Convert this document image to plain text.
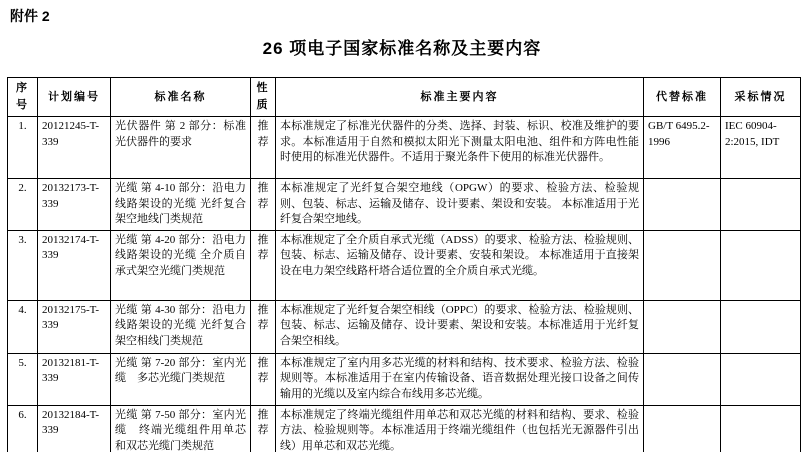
附件 2
26 项电子国家标准名称及主要内容
序号	计划编号	标准名称	性质	标准主要内容	代替标准	采标情况
1.	20121245-T-339	光伏器件 第 2 部分：标准光伏器件的要求	推荐	本标准规定了标准光伏器件的分类、选择、封装、标识、校准及维护的要求。本标准适用于自然和模拟太阳光下测量太阳电池、组件和方阵电性能时使用的标准光伏器件。不适用于聚光条件下使用的标准光伏器件。	GB/T 6495.2-1996	IEC 60904-2:2015, IDT
2.	20132173-T-339	光缆 第 4-10 部分：沿电力线路架设的光缆 光纤复合架空地线门类规范	推荐	本标准规定了光纤复合架空地线（OPGW）的要求、检验方法、检验规则、包装、标志、运输及储存、设计要素、架设和安装。 本标准适用于光纤复合架空地线。		
3.	20132174-T-339	光缆 第 4-20 部分：沿电力线路架设的光缆 全介质自承式架空光缆门类规范	推荐	本标准规定了全介质自承式光缆（ADSS）的要求、检验方法、检验规则、包装、标志、运输及储存、设计要素、安装和架设。 本标准适用于直接架设在电力架空线路杆塔合适位置的全介质自承式光缆。		
4.	20132175-T-339	光缆 第 4-30 部分：沿电力线路架设的光缆 光纤复合架空相线门类规范	推荐	本标准规定了光纤复合架空相线（OPPC）的要求、检验方法、检验规则、包装、标志、运输及储存、设计要素、架设和安装。本标准适用于光纤复合架空相线。		
5.	20132181-T-339	光缆 第 7-20 部分：室内光缆　多芯光缆门类规范	推荐	本标准规定了室内用多芯光缆的材料和结构、技术要求、检验方法、检验规则等。本标准适用于在室内传输设备、语音数据处理光接口设备之间传输用的光缆以及室内综合布线用多芯光缆。		
6.	20132184-T-339	光缆 第 7-50 部分：室内光缆　终端光缆组件用单芯和双芯光缆门类规范	推荐	本标准规定了终端光缆组件用单芯和双芯光缆的材料和结构、要求、检验方法、检验规则等。本标准适用于终端光缆组件（也包括光无源器件引出线）用单芯和双芯光缆。		
